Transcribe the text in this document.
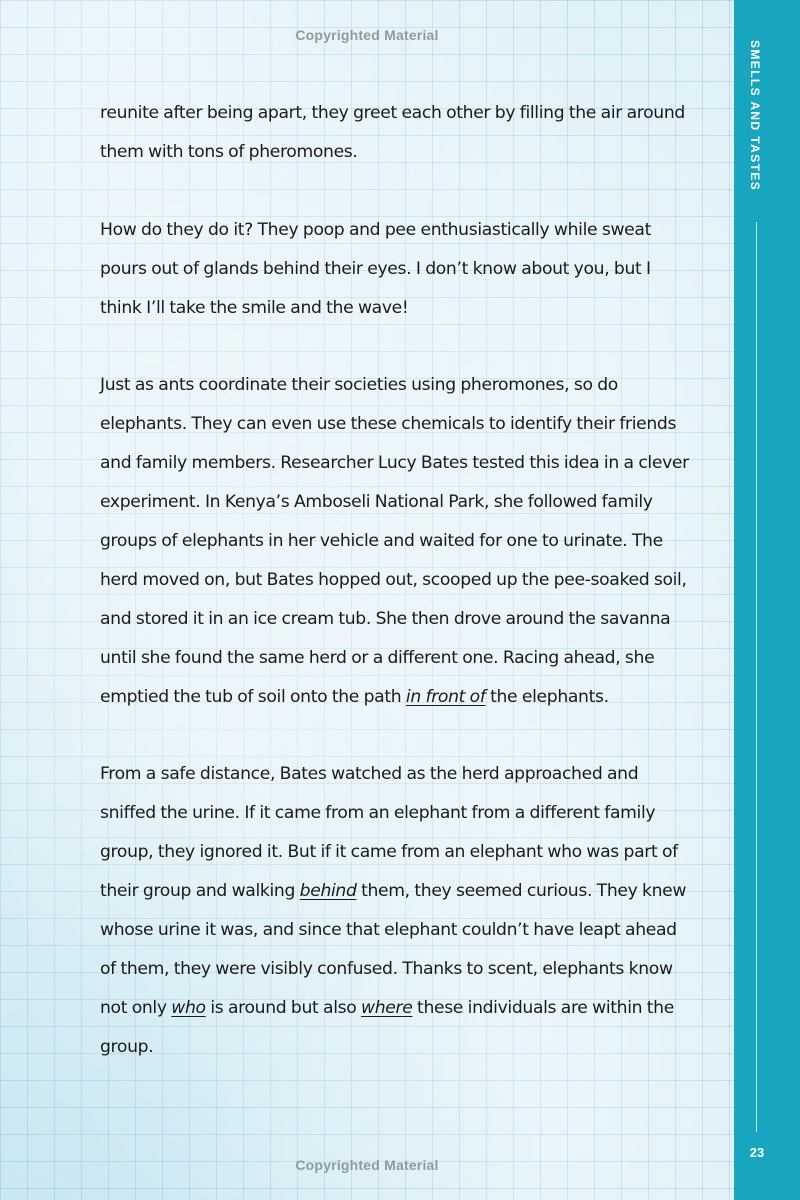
Copyrighted Material

reunite after being apart, they greet each other by filling the air around them with tons of pheromones.

How do they do it? They poop and pee enthusiastically while sweat pours out of glands behind their eyes. I don’t know about you, but I think I’ll take the smile and the wave!

Just as ants coordinate their societies using pheromones, so do elephants. They can even use these chemicals to identify their friends and family members. Researcher Lucy Bates tested this idea in a clever experiment. In Kenya’s Amboseli National Park, she followed family groups of elephants in her vehicle and waited for one to urinate. The herd moved on, but Bates hopped out, scooped up the pee-soaked soil, and stored it in an ice cream tub. She then drove around the savanna until she found the same herd or a different one. Racing ahead, she emptied the tub of soil onto the path in front of the elephants.

From a safe distance, Bates watched as the herd approached and sniffed the urine. If it came from an elephant from a different family group, they ignored it. But if it came from an elephant who was part of their group and walking behind them, they seemed curious. They knew whose urine it was, and since that elephant couldn’t have leapt ahead of them, they were visibly confused. Thanks to scent, elephants know not only who is around but also where these individuals are within the group.

Copyrighted Material
SMELLS AND TASTES
23
